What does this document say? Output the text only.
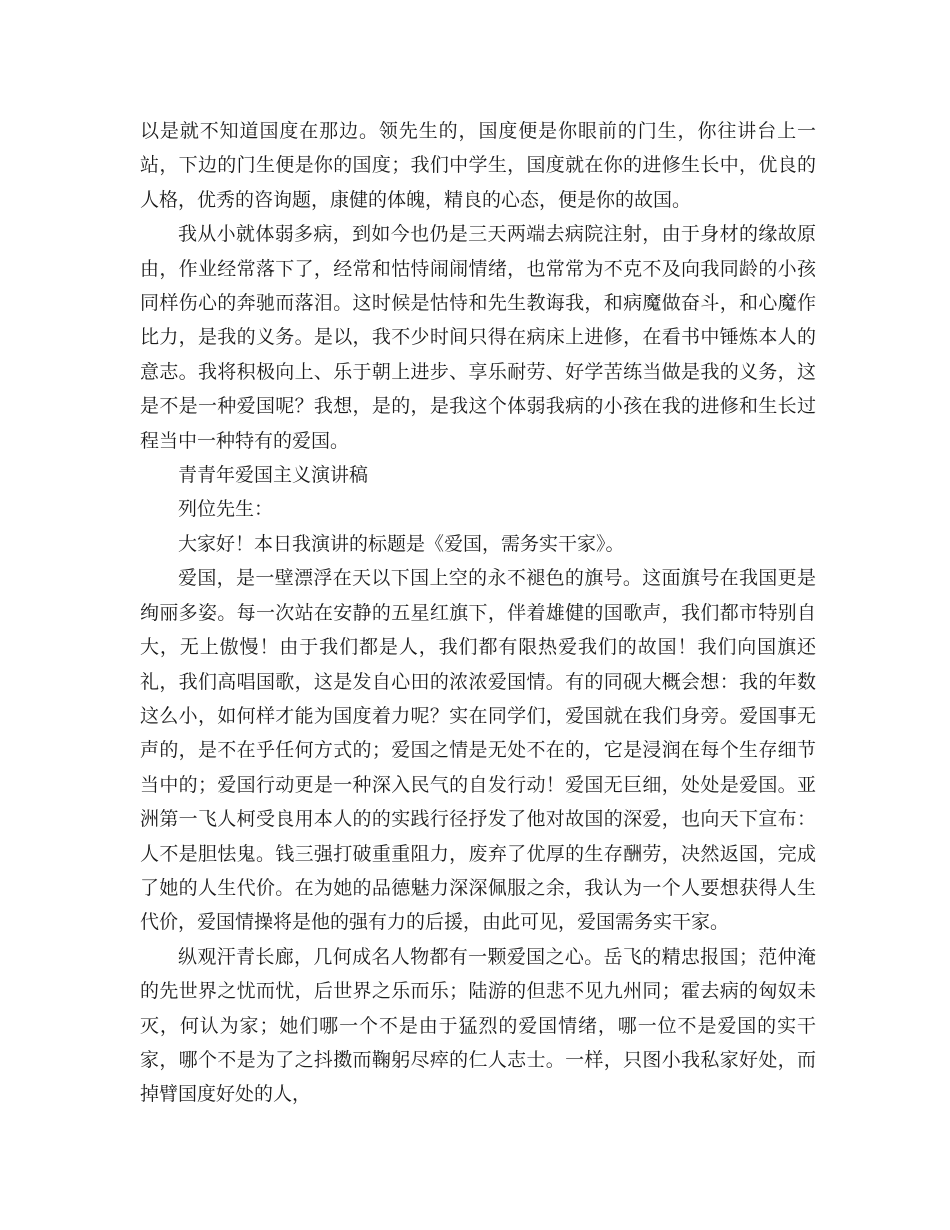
以是就不知道国度在那边。领先生的，国度便是你眼前的门生，你往讲台上一站，下边的门生便是你的国度；我们中学生，国度就在你的进修生长中，优良的人格，优秀的咨询题，康健的体魄，精良的心态，便是你的故国。

我从小就体弱多病，到如今也仍是三天两端去病院注射，由于身材的缘故原由，作业经常落下了，经常和怙恃闹闹情绪，也常常为不克不及向我同龄的小孩同样伤心的奔驰而落泪。这时候是怙恃和先生教诲我，和病魔做奋斗，和心魔作比力，是我的义务。是以，我不少时间只得在病床上进修，在看书中锤炼本人的意志。我将积极向上、乐于朝上进步、享乐耐劳、好学苦练当做是我的义务，这是不是一种爱国呢？我想，是的，是我这个体弱我病的小孩在我的进修和生长过程当中一种特有的爱国。

青青年爱国主义演讲稿

列位先生：

大家好！本日我演讲的标题是《爱国，需务实干家》。

爱国，是一壁漂浮在天以下国上空的永不褪色的旗号。这面旗号在我国更是绚丽多姿。每一次站在安静的五星红旗下，伴着雄健的国歌声，我们都市特别自大，无上傲慢！由于我们都是人，我们都有限热爱我们的故国！我们向国旗还礼，我们高唱国歌，这是发自心田的浓浓爱国情。有的同砚大概会想：我的年数这么小，如何样才能为国度着力呢？实在同学们，爱国就在我们身旁。爱国事无声的，是不在乎任何方式的；爱国之情是无处不在的，它是浸润在每个生存细节当中的；爱国行动更是一种深入民气的自发行动！爱国无巨细，处处是爱国。亚洲第一飞人柯受良用本人的的实践行径抒发了他对故国的深爱，也向天下宣布：人不是胆怯鬼。钱三强打破重重阻力，废弃了优厚的生存酬劳，决然返国，完成了她的人生代价。在为她的品德魅力深深佩服之余，我认为一个人要想获得人生代价，爱国情操将是他的强有力的后援，由此可见，爱国需务实干家。

纵观汗青长廊，几何成名人物都有一颗爱国之心。岳飞的精忠报国；范仲淹的先世界之忧而忧，后世界之乐而乐；陆游的但悲不见九州同；霍去病的匈奴未灭，何认为家；她们哪一个不是由于猛烈的爱国情绪，哪一位不是爱国的实干家，哪个不是为了之抖擞而鞠躬尽瘁的仁人志士。一样，只图小我私家好处，而掉臂国度好处的人，
